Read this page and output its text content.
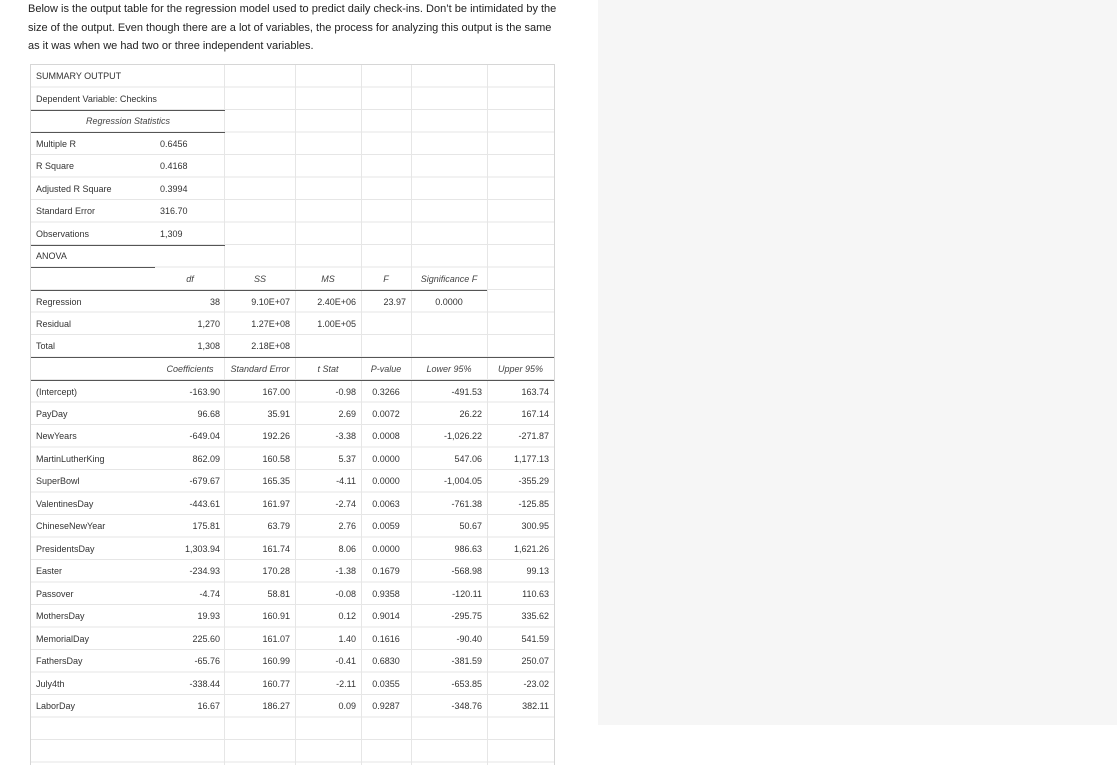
Below is the output table for the regression model used to predict daily check-ins. Don’t be intimidated by the size of the output. Even though there are a lot of variables, the process for analyzing this output is the same as it was when we had two or three independent variables.

SUMMARY OUTPUT						
Dependent Variable: Checkins						
Regression Statistics						
Multiple R	0.6456					
R Square	0.4168					
Adjusted R Square	0.3994					
Standard Error	316.70					
Observations	1,309					
ANOVA						
	df	SS	MS	F	Significance F	
Regression	38	9.10E+07	2.40E+06	23.97	0.0000	
Residual	1,270	1.27E+08	1.00E+05			
Total	1,308	2.18E+08				
	Coefficients	Standard Error	t Stat	P-value	Lower 95%	Upper 95%
(Intercept)	-163.90	167.00	-0.98	0.3266	-491.53	163.74
PayDay	96.68	35.91	2.69	0.0072	26.22	167.14
NewYears	-649.04	192.26	-3.38	0.0008	-1,026.22	-271.87
MartinLutherKing	862.09	160.58	5.37	0.0000	547.06	1,177.13
SuperBowl	-679.67	165.35	-4.11	0.0000	-1,004.05	-355.29
ValentinesDay	-443.61	161.97	-2.74	0.0063	-761.38	-125.85
ChineseNewYear	175.81	63.79	2.76	0.0059	50.67	300.95
PresidentsDay	1,303.94	161.74	8.06	0.0000	986.63	1,621.26
Easter	-234.93	170.28	-1.38	0.1679	-568.98	99.13
Passover	-4.74	58.81	-0.08	0.9358	-120.11	110.63
MothersDay	19.93	160.91	0.12	0.9014	-295.75	335.62
MemorialDay	225.60	161.07	1.40	0.1616	-90.40	541.59
FathersDay	-65.76	160.99	-0.41	0.6830	-381.59	250.07
July4th	-338.44	160.77	-2.11	0.0355	-653.85	-23.02
LaborDay	16.67	186.27	0.09	0.9287	-348.76	382.11
